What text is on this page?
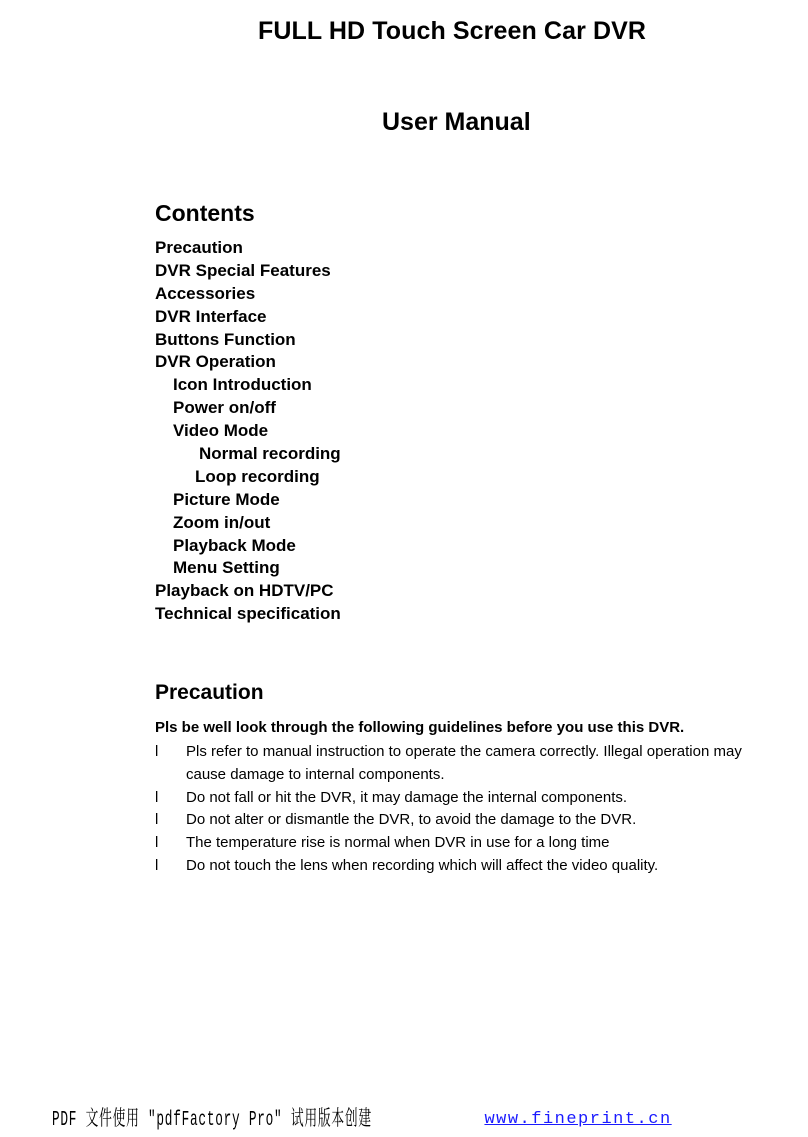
FULL HD Touch Screen Car DVR
User Manual
Contents
Precaution
DVR Special Features
Accessories
DVR Interface
Buttons Function
DVR Operation
Icon Introduction
Power on/off
Video Mode
Normal recording
Loop recording
Picture Mode
Zoom in/out
Playback Mode
Menu Setting
Playback on HDTV/PC
Technical specification
Precaution
Pls be well look through the following guidelines before you use this DVR.
l Pls refer to manual instruction to operate the camera correctly. Illegal operation may cause damage to internal components.
l Do not fall or hit the DVR, it may damage the internal components.
l Do not alter or dismantle the DVR, to avoid the damage to the DVR.
l The temperature rise is normal when DVR in use for a long time
l Do not touch the lens when recording which will affect the video quality.
PDF 文件使用 "pdfFactory Pro" 试用版本创建	www.fineprint.cn
